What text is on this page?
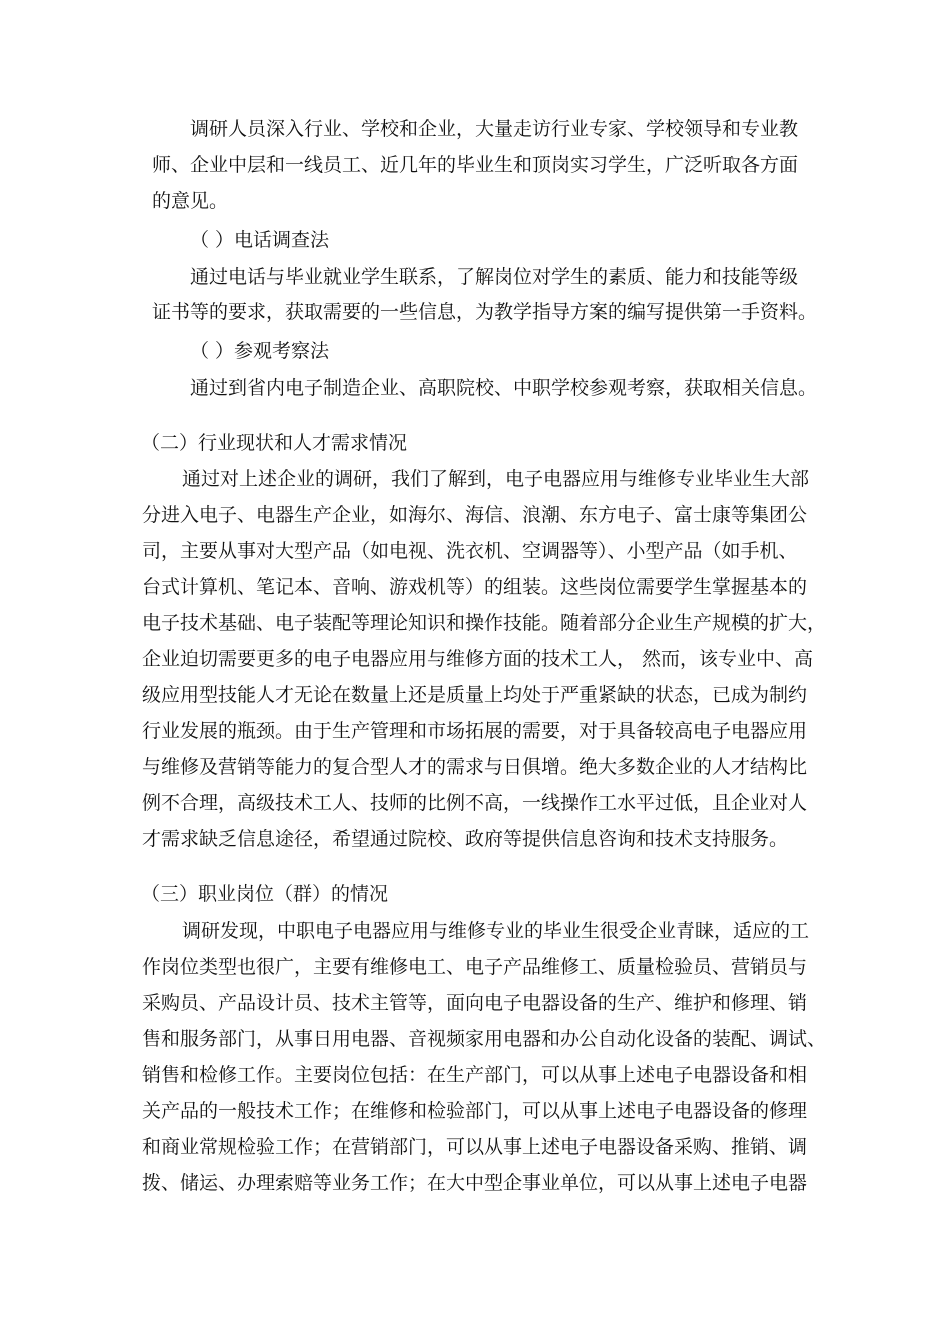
调研人员深入行业、学校和企业，大量走访行业专家、学校领导和专业教
师、企业中层和一线员工、近几年的毕业生和顶岗实习学生，广泛听取各方面
的意见。
（ ）电话调查法
通过电话与毕业就业学生联系，了解岗位对学生的素质、能力和技能等级
证书等的要求，获取需要的一些信息，为教学指导方案的编写提供第一手资料。
（ ）参观考察法
通过到省内电子制造企业、高职院校、中职学校参观考察，获取相关信息。
（二）行业现状和人才需求情况
通过对上述企业的调研，我们了解到，电子电器应用与维修专业毕业生大部
分进入电子、电器生产企业，如海尔、海信、浪潮、东方电子、富士康等集团公
司，主要从事对大型产品（如电视、洗衣机、空调器等）、小型产品（如手机、
台式计算机、笔记本、音响、游戏机等）的组装。这些岗位需要学生掌握基本的
电子技术基础、电子装配等理论知识和操作技能。随着部分企业生产规模的扩大，
企业迫切需要更多的电子电器应用与维修方面的技术工人， 然而，该专业中、高
级应用型技能人才无论在数量上还是质量上均处于严重紧缺的状态，已成为制约
行业发展的瓶颈。由于生产管理和市场拓展的需要，对于具备较高电子电器应用
与维修及营销等能力的复合型人才的需求与日俱增。绝大多数企业的人才结构比
例不合理，高级技术工人、技师的比例不高，一线操作工水平过低，且企业对人
才需求缺乏信息途径，希望通过院校、政府等提供信息咨询和技术支持服务。
（三）职业岗位（群）的情况
调研发现，中职电子电器应用与维修专业的毕业生很受企业青睐，适应的工
作岗位类型也很广，主要有维修电工、电子产品维修工、质量检验员、营销员与
采购员、产品设计员、技术主管等，面向电子电器设备的生产、维护和修理、销
售和服务部门，从事日用电器、音视频家用电器和办公自动化设备的装配、调试、
销售和检修工作。主要岗位包括：在生产部门，可以从事上述电子电器设备和相
关产品的一般技术工作；在维修和检验部门，可以从事上述电子电器设备的修理
和商业常规检验工作；在营销部门，可以从事上述电子电器设备采购、推销、调
拨、储运、办理索赔等业务工作；在大中型企事业单位，可以从事上述电子电器
